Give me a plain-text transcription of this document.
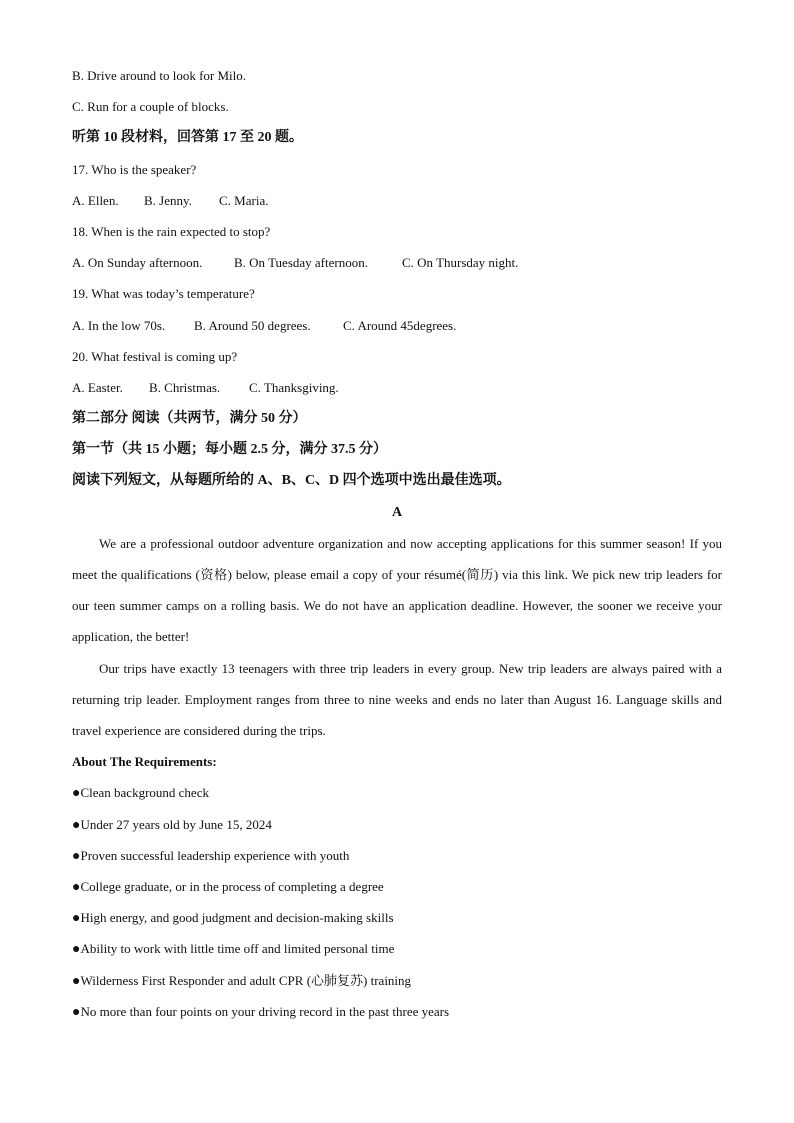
B. Drive around to look for Milo.
C. Run for a couple of blocks.
听第 10 段材料，回答第 17 至 20 题。
17. Who is the speaker?
A. Ellen. B. Jenny. C. Maria.
18. When is the rain expected to stop?
A. On Sunday afternoon. B. On Tuesday afternoon.	C. On Thursday night.
19. What was today’s temperature?
A. In the low 70s. B. Around 50 degrees. C. Around 45degrees.
20. What festival is coming up?
A. Easter. B. Christmas. C. Thanksgiving.
第二部分 阅读（共两节，满分 50 分）
第一节（共 15 小题；每小题 2.5 分，满分 37.5 分）
阅读下列短文，从每题所给的 A、B、C、D 四个选项中选出最佳选项。
A

We are a professional outdoor adventure organization and now accepting applications for this summer season! If you meet the qualifications (资格) below, please email a copy of your résumé(简历) via this link. We pick new trip leaders for our teen summer camps on a rolling basis. We do not have an application deadline. However, the sooner we receive your application, the better!

Our trips have exactly 13 teenagers with three trip leaders in every group. New trip leaders are always paired with a returning trip leader. Employment ranges from three to nine weeks and ends no later than August 16. Language skills and travel experience are considered during the trips.

About The Requirements:
● Clean background check
● Under 27 years old by June 15, 2024
● Proven successful leadership experience with youth
● College graduate, or in the process of completing a degree
● High energy, and good judgment and decision-making skills
● Ability to work with little time off and limited personal time
● Wilderness First Responder and adult CPR (心肺复苏) training
● No more than four points on your driving record in the past three years
